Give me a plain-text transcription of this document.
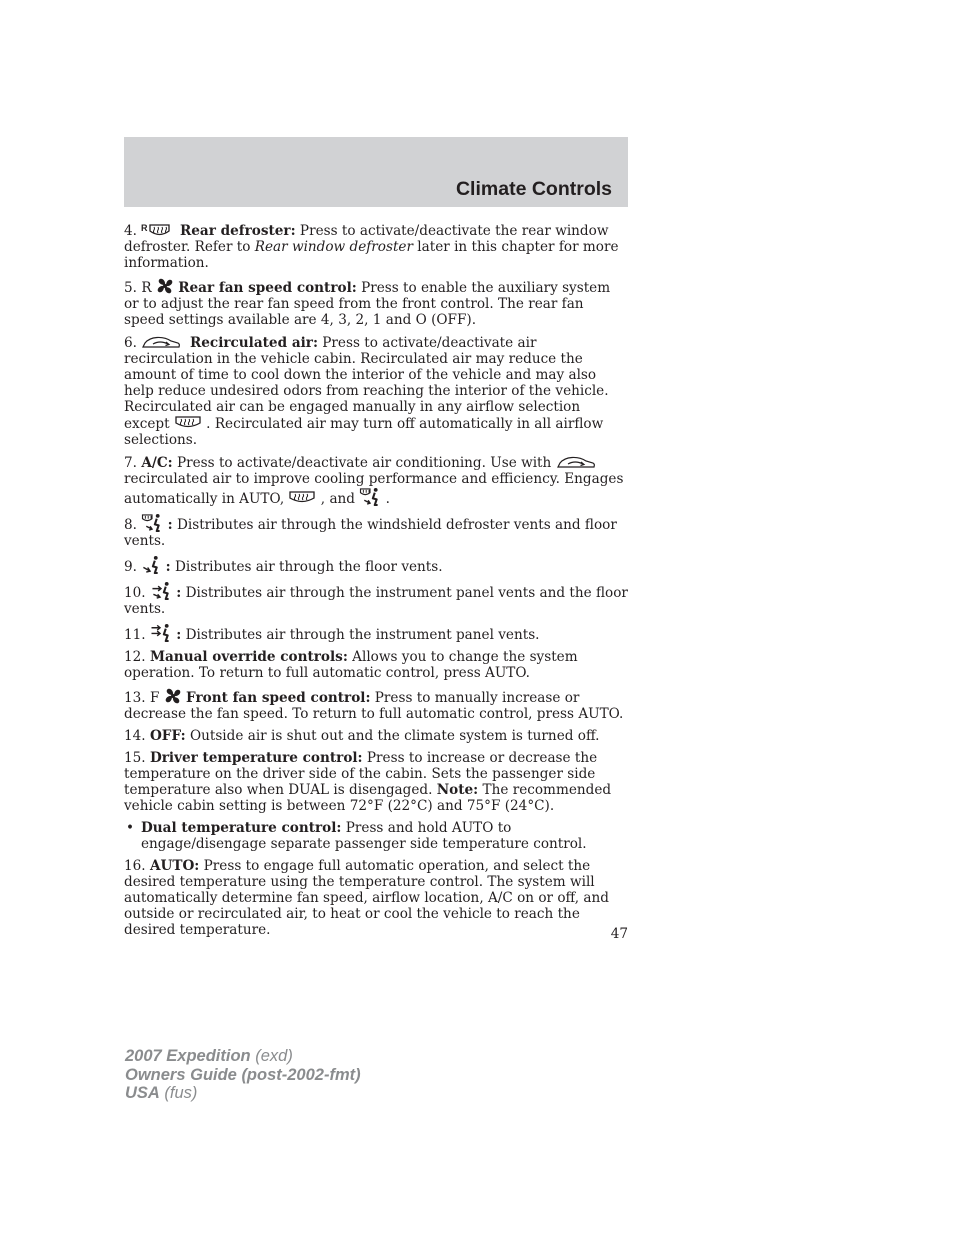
Climate Controls

4.	Rear defroster: Press to activate/deactivate the rear window defroster. Refer to Rear window defroster later in this chapter for more information.

5. R Rear fan speed control: Press to enable the auxiliary system or to adjust the rear fan speed from the front control. The rear fan speed settings available are 4, 3, 2, 1 and O (OFF).

6.	Recirculated air: Press to activate/deactivate air recirculation in the vehicle cabin. Recirculated air may reduce the amount of time to cool down the interior of the vehicle and may also help reduce undesired odors from reaching the interior of the vehicle. Recirculated air can be engaged manually in any airflow selection except
. Recirculated air may turn off automatically in all airflow selections.

7. A/C: Press to activate/deactivate air conditioning. Use with
recirculated air to improve cooling performance and efficiency. Engages automatically in AUTO,
, and
.

8. : Distributes air through the windshield defroster vents and floor vents.

9. : Distributes air through the floor vents.

10. : Distributes air through the instrument panel vents and the floor vents.

11. : Distributes air through the instrument panel vents.

12. Manual override controls: Allows you to change the system operation. To return to full automatic control, press AUTO.

13. F Front fan speed control: Press to manually increase or decrease the fan speed. To return to full automatic control, press AUTO.

14. OFF: Outside air is shut out and the climate system is turned off.

15. Driver temperature control: Press to increase or decrease the temperature on the driver side of the cabin. Sets the passenger side temperature also when DUAL is disengaged. Note: The recommended vehicle cabin setting is between 72°F (22°C) and 75°F (24°C).

• Dual temperature control: Press and hold AUTO to engage/disengage separate passenger side temperature control.

16. AUTO: Press to engage full automatic operation, and select the desired temperature using the temperature control. The system will automatically determine fan speed, airflow location, A/C on or off, and outside or recirculated air, to heat or cool the vehicle to reach the desired temperature.	47
2007 Expedition (exd)
Owners Guide (post-2002-fmt)
USA (fus)
